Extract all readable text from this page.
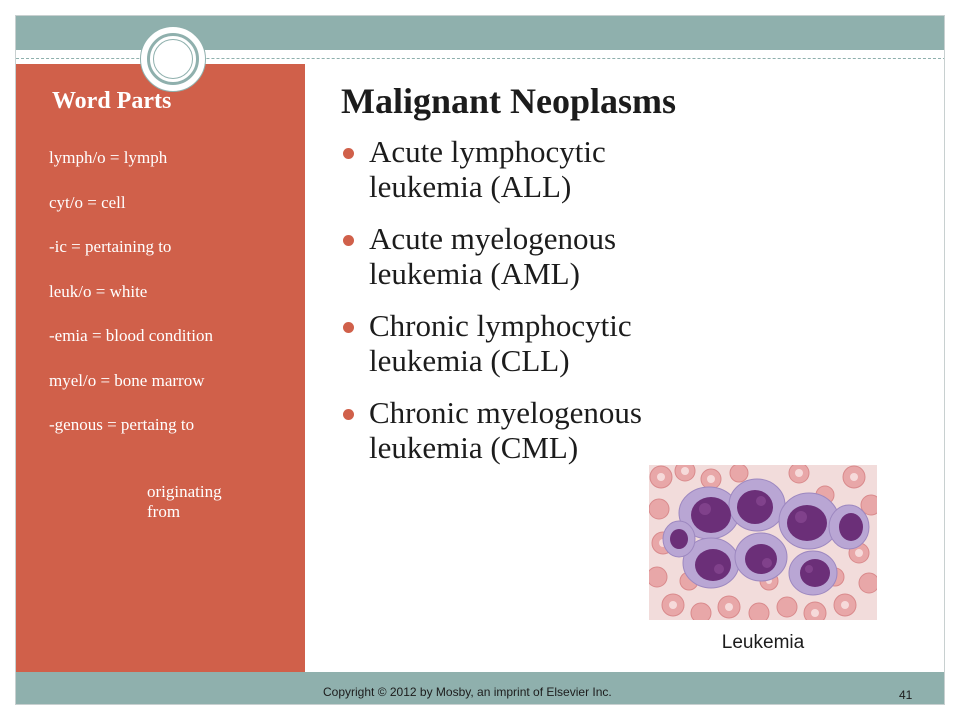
Word Parts
lymph/o = lymph
cyt/o = cell
-ic = pertaining to
leuk/o = white
-emia = blood condition
myel/o = bone marrow
-genous = pertaing to
originating
from
Malignant Neoplasms
Acute lymphocytic
leukemia (ALL)
Acute myelogenous
leukemia (AML)
Chronic lymphocytic
leukemia (CLL)
Chronic myelogenous
leukemia (CML)
Leukemia
Copyright © 2012 by Mosby, an imprint of Elsevier Inc.	41
